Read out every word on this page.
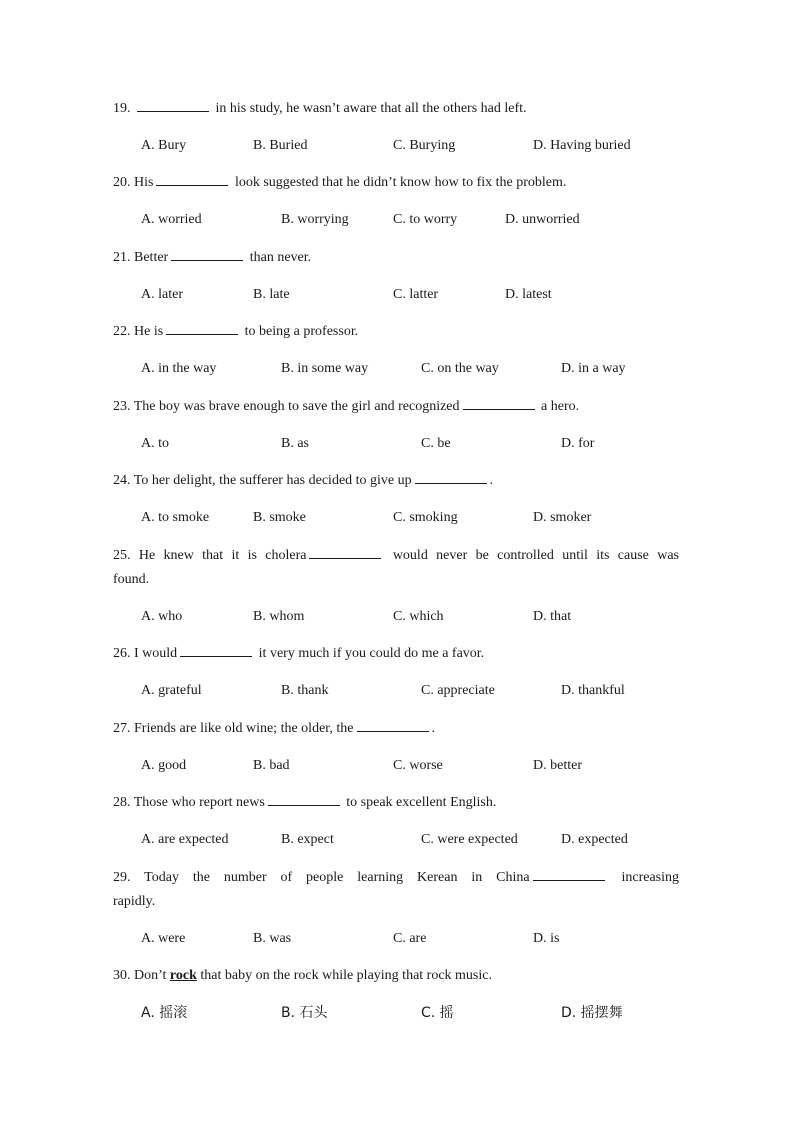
19.	in his study, he wasn’t aware that all the others had left.
A. Bury	B. Buried	C. Burying	D. Having buried
20. His	look suggested that he didn’t know how to fix the problem.
A. worried	B. worrying	C. to worry	D. unworried
21. Better	than never.
A. later	B. late	C. latter	D. latest
22. He is	to being a professor.
A. in the way	B. in some way	C. on the way	D. in a way
23. The boy was brave enough to save the girl and recognized	a hero.
A. to	B. as	C. be	D. for
24. To her delight, the sufferer has decided to give up	.
A. to smoke	B. smoke	C. smoking	D. smoker
25. He knew that it is cholera	would never be controlled until its cause was
found.
A. who	B. whom	C. which	D. that
26. I would	it very much if you could do me a favor.
A. grateful	B. thank	C. appreciate	D. thankful
27. Friends are like old wine; the older, the	.
A. good	B. bad	C. worse	D. better
28. Those who report news	to speak excellent English.
A. are expected	B. expect	C. were expected	D. expected
29. Today the number of people learning Kerean in China	increasing
rapidly.
A. were	B. was	C. are	D. is
30. Don’t rock that baby on the rock while playing that rock music.
A. 摇滚	B. 石头	C. 摇	D. 摇摆舞
